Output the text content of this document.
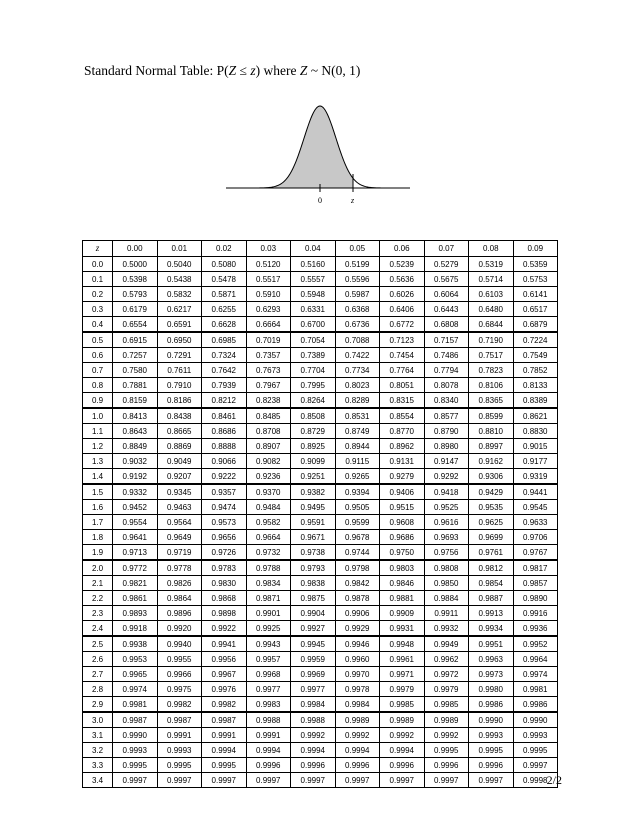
Standard Normal Table: P(Z ≤ z) where Z ~ N(0, 1)
0	z
z	0.00	0.01	0.02	0.03	0.04	0.05	0.06	0.07	0.08	0.09
0.0	0.5000	0.5040	0.5080	0.5120	0.5160	0.5199	0.5239	0.5279	0.5319	0.5359
0.1	0.5398	0.5438	0.5478	0.5517	0.5557	0.5596	0.5636	0.5675	0.5714	0.5753
0.2	0.5793	0.5832	0.5871	0.5910	0.5948	0.5987	0.6026	0.6064	0.6103	0.6141
0.3	0.6179	0.6217	0.6255	0.6293	0.6331	0.6368	0.6406	0.6443	0.6480	0.6517
0.4	0.6554	0.6591	0.6628	0.6664	0.6700	0.6736	0.6772	0.6808	0.6844	0.6879
0.5	0.6915	0.6950	0.6985	0.7019	0.7054	0.7088	0.7123	0.7157	0.7190	0.7224
0.6	0.7257	0.7291	0.7324	0.7357	0.7389	0.7422	0.7454	0.7486	0.7517	0.7549
0.7	0.7580	0.7611	0.7642	0.7673	0.7704	0.7734	0.7764	0.7794	0.7823	0.7852
0.8	0.7881	0.7910	0.7939	0.7967	0.7995	0.8023	0.8051	0.8078	0.8106	0.8133
0.9	0.8159	0.8186	0.8212	0.8238	0.8264	0.8289	0.8315	0.8340	0.8365	0.8389
1.0	0.8413	0.8438	0.8461	0.8485	0.8508	0.8531	0.8554	0.8577	0.8599	0.8621
1.1	0.8643	0.8665	0.8686	0.8708	0.8729	0.8749	0.8770	0.8790	0.8810	0.8830
1.2	0.8849	0.8869	0.8888	0.8907	0.8925	0.8944	0.8962	0.8980	0.8997	0.9015
1.3	0.9032	0.9049	0.9066	0.9082	0.9099	0.9115	0.9131	0.9147	0.9162	0.9177
1.4	0.9192	0.9207	0.9222	0.9236	0.9251	0.9265	0.9279	0.9292	0.9306	0.9319
1.5	0.9332	0.9345	0.9357	0.9370	0.9382	0.9394	0.9406	0.9418	0.9429	0.9441
1.6	0.9452	0.9463	0.9474	0.9484	0.9495	0.9505	0.9515	0.9525	0.9535	0.9545
1.7	0.9554	0.9564	0.9573	0.9582	0.9591	0.9599	0.9608	0.9616	0.9625	0.9633
1.8	0.9641	0.9649	0.9656	0.9664	0.9671	0.9678	0.9686	0.9693	0.9699	0.9706
1.9	0.9713	0.9719	0.9726	0.9732	0.9738	0.9744	0.9750	0.9756	0.9761	0.9767
2.0	0.9772	0.9778	0.9783	0.9788	0.9793	0.9798	0.9803	0.9808	0.9812	0.9817
2.1	0.9821	0.9826	0.9830	0.9834	0.9838	0.9842	0.9846	0.9850	0.9854	0.9857
2.2	0.9861	0.9864	0.9868	0.9871	0.9875	0.9878	0.9881	0.9884	0.9887	0.9890
2.3	0.9893	0.9896	0.9898	0.9901	0.9904	0.9906	0.9909	0.9911	0.9913	0.9916
2.4	0.9918	0.9920	0.9922	0.9925	0.9927	0.9929	0.9931	0.9932	0.9934	0.9936
2.5	0.9938	0.9940	0.9941	0.9943	0.9945	0.9946	0.9948	0.9949	0.9951	0.9952
2.6	0.9953	0.9955	0.9956	0.9957	0.9959	0.9960	0.9961	0.9962	0.9963	0.9964
2.7	0.9965	0.9966	0.9967	0.9968	0.9969	0.9970	0.9971	0.9972	0.9973	0.9974
2.8	0.9974	0.9975	0.9976	0.9977	0.9977	0.9978	0.9979	0.9979	0.9980	0.9981
2.9	0.9981	0.9982	0.9982	0.9983	0.9984	0.9984	0.9985	0.9985	0.9986	0.9986
3.0	0.9987	0.9987	0.9987	0.9988	0.9988	0.9989	0.9989	0.9989	0.9990	0.9990
3.1	0.9990	0.9991	0.9991	0.9991	0.9992	0.9992	0.9992	0.9992	0.9993	0.9993
3.2	0.9993	0.9993	0.9994	0.9994	0.9994	0.9994	0.9994	0.9995	0.9995	0.9995
3.3	0.9995	0.9995	0.9995	0.9996	0.9996	0.9996	0.9996	0.9996	0.9996	0.9997
3.4	0.9997	0.9997	0.9997	0.9997	0.9997	0.9997	0.9997	0.9997	0.9997	0.9998 2/2
